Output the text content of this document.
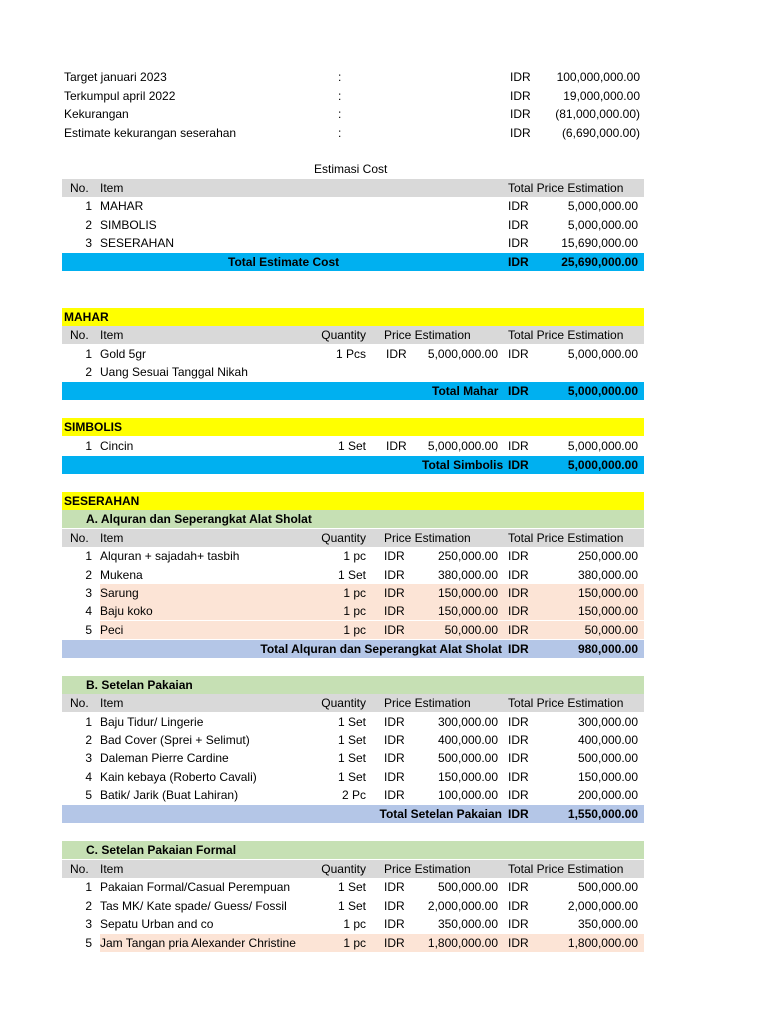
Target januari 2023	:	IDR	100,000,000.00
Terkumpul april 2022	:	IDR	19,000,000.00
Kekurangan	:	IDR	(81,000,000.00)
Estimate kekurangan seserahan	:	IDR	(6,690,000.00)
Estimasi Cost
No. Item	Total Price Estimation
1 MAHAR	IDR	5,000,000.00
2 SIMBOLIS	IDR	5,000,000.00
3 SESERAHAN	IDR	15,690,000.00
Total Estimate Cost	IDR	25,690,000.00
MAHAR
No. Item	Quantity Price Estimation	Total Price Estimation
1 Gold 5gr	1 Pcs IDR	5,000,000.00 IDR	5,000,000.00
2 Uang Sesuai Tanggal Nikah
Total Mahar IDR	5,000,000.00
SIMBOLIS
1 Cincin	1 Set IDR	5,000,000.00 IDR	5,000,000.00
Total Simbolis IDR	5,000,000.00
SESERAHAN
A. Alquran dan Seperangkat Alat Sholat
No. Item	Quantity Price Estimation	Total Price Estimation
1 Alquran + sajadah+ tasbih	1 pc IDR	250,000.00 IDR	250,000.00
2 Mukena	1 Set IDR	380,000.00 IDR	380,000.00
3 Sarung	1 pc IDR	150,000.00 IDR	150,000.00
4 Baju koko	1 pc IDR	150,000.00 IDR	150,000.00
5 Peci	1 pc IDR	50,000.00 IDR	50,000.00
Total Alquran dan Seperangkat Alat Sholat IDR	980,000.00
B. Setelan Pakaian
No. Item	Quantity Price Estimation	Total Price Estimation
1 Baju Tidur/ Lingerie	1 Set IDR	300,000.00 IDR	300,000.00
2 Bad Cover (Sprei + Selimut)	1 Set IDR	400,000.00 IDR	400,000.00
3 Daleman Pierre Cardine	1 Set IDR	500,000.00 IDR	500,000.00
4 Kain kebaya (Roberto Cavali)	1 Set IDR	150,000.00 IDR	150,000.00
5 Batik/ Jarik (Buat Lahiran)	2 Pc IDR	100,000.00 IDR	200,000.00
Total Setelan Pakaian IDR	1,550,000.00
C. Setelan Pakaian Formal
No. Item	Quantity Price Estimation	Total Price Estimation
1 Pakaian Formal/Casual Perempuan	1 Set IDR	500,000.00 IDR	500,000.00
2 Tas MK/ Kate spade/ Guess/ Fossil	1 Set IDR	2,000,000.00 IDR	2,000,000.00
3 Sepatu Urban and co	1 pc IDR	350,000.00 IDR	350,000.00
5 Jam Tangan pria Alexander Christine	1 pc IDR	1,800,000.00 IDR	1,800,000.00
